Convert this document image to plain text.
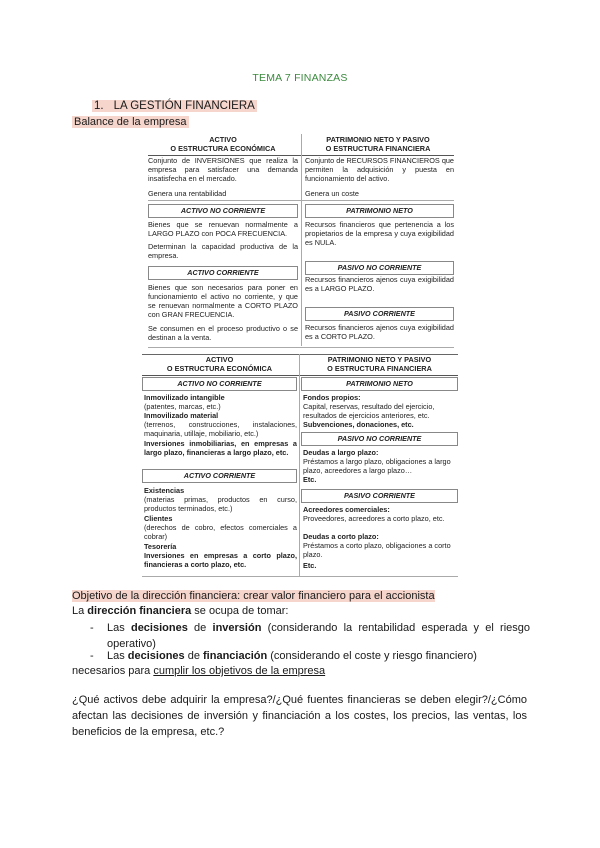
TEMA 7 FINANZAS
1. LA GESTIÓN FINANCIERA
Balance de la empresa
ACTIVO
O ESTRUCTURA ECONÓMICA
PATRIMONIO NETO Y PASIVO
O ESTRUCTURA FINANCIERA
Conjunto de INVERSIONES que realiza la empresa para satisfacer una demanda insatisfecha en el mercado.
Genera una rentabilidad
Conjunto de RECURSOS FINANCIEROS que permiten la adquisición y puesta en funcionamiento del activo.
Genera un coste
ACTIVO NO CORRIENTE	PATRIMONIO NETO
Bienes que se renuevan normalmente a LARGO PLAZO con POCA FRECUENCIA.
Determinan la capacidad productiva de la empresa.
Recursos financieros que pertenencia a los propietarios de la empresa y cuya exigibilidad es NULA.
PASIVO NO CORRIENTE
Recursos financieros ajenos cuya exigibilidad es a LARGO PLAZO.
ACTIVO CORRIENTE
Bienes que son necesarios para poner en funcionamiento el activo no corriente, y que se renuevan normalmente a CORTO PLAZO con GRAN FRECUENCIA.
Se consumen en el proceso productivo o se destinan a la venta.
PASIVO CORRIENTE
Recursos financieros ajenos cuya exigibilidad es a CORTO PLAZO.
ACTIVO
O ESTRUCTURA ECONÓMICA
PATRIMONIO NETO Y PASIVO
O ESTRUCTURA FINANCIERA
ACTIVO NO CORRIENTE	PATRIMONIO NETO
Inmovilizado intangible
(patentes, marcas, etc.)
Inmovilizado material
(terrenos, construcciones, instalaciones, maquinaria, utillaje, mobiliario, etc.)
Inversiones inmobiliarias, en empresas a largo plazo, financieras a largo plazo, etc.
ACTIVO CORRIENTE
Existencias
(materias primas, productos en curso, productos terminados, etc.)
Clientes
(derechos de cobro, efectos comerciales a cobrar)
Tesorería
Inversiones en empresas a corto plazo, financieras a corto plazo, etc.
Fondos propios:
Capital, reservas, resultado del ejercicio, resultados de ejercicios anteriores, etc.
Subvenciones, donaciones, etc.
PASIVO NO CORRIENTE
Deudas a largo plazo:
Préstamos a largo plazo, obligaciones a largo plazo, acreedores a largo plazo…
Etc.
PASIVO CORRIENTE
Acreedores comerciales:
Proveedores, acreedores a corto plazo, etc.
Deudas a corto plazo:
Préstamos a corto plazo, obligaciones a corto plazo.
Etc.
Objetivo de la dirección financiera: crear valor financiero para el accionista
La dirección financiera se ocupa de tomar:
- Las decisiones de inversión (considerando la rentabilidad esperada y el riesgo operativo)
- Las decisiones de financiación (considerando el coste y riesgo financiero)
necesarios para cumplir los objetivos de la empresa
¿Qué activos debe adquirir la empresa?/¿Qué fuentes financieras se deben elegir?/¿Cómo afectan las decisiones de inversión y financiación a los costes, los precios, las ventas, los beneficios de la empresa, etc.?
